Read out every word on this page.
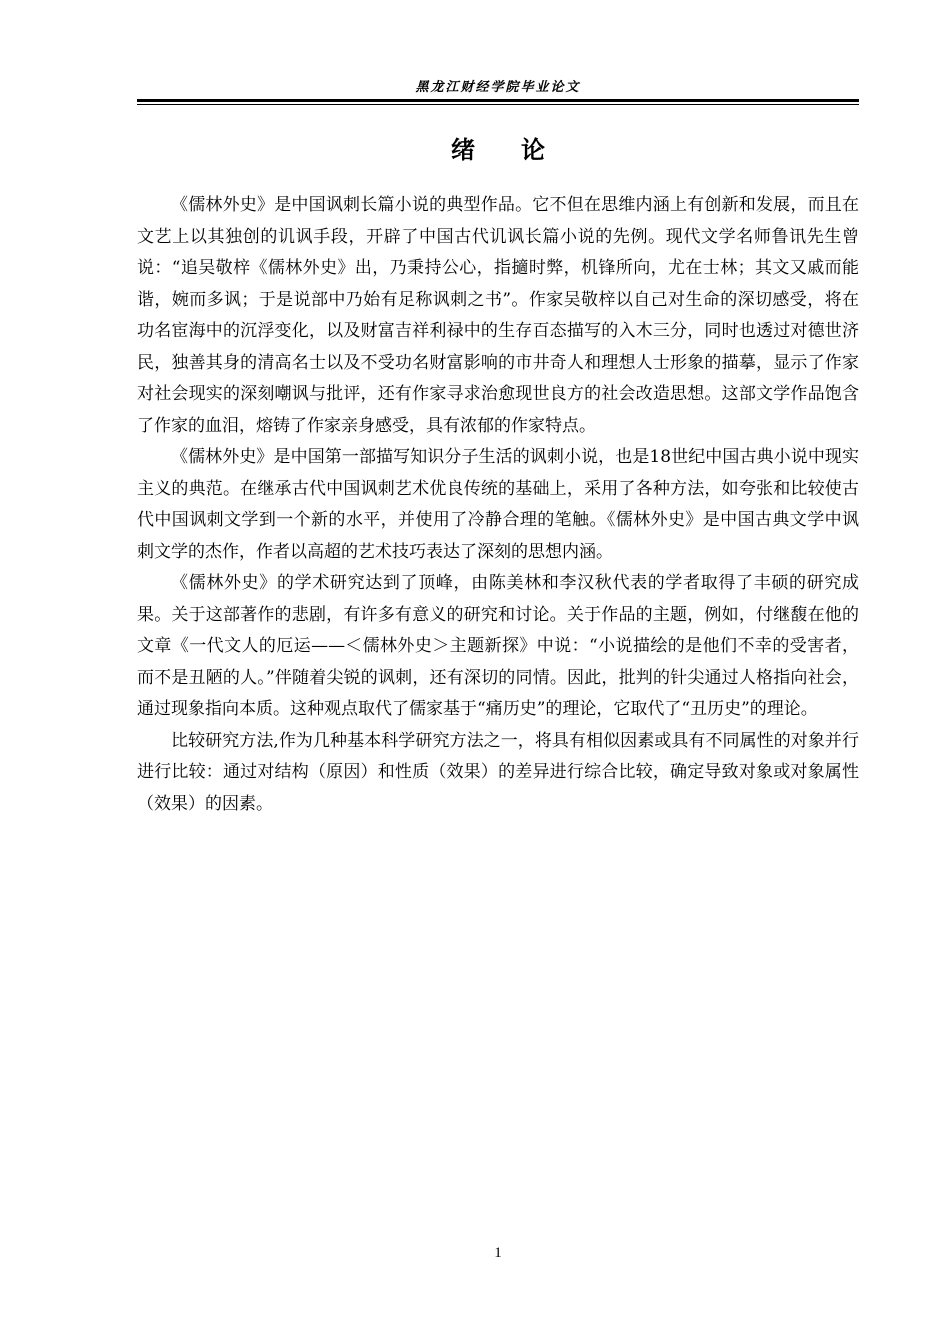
黑龙江财经学院毕业论文
绪 论

《儒林外史》是中国讽刺长篇小说的典型作品。它不但在思维内涵上有创新和发展，而且在文艺上以其独创的讥讽手段，开辟了中国古代讥讽长篇小说的先例。现代文学名师鲁讯先生曾说：“追吴敬梓《儒林外史》出，乃秉持公心，指擿时弊，机锋所向，尤在士林；其文又戚而能谐，婉而多讽；于是说部中乃始有足称讽刺之书”。作家吴敬梓以自己对生命的深切感受，将在功名宦海中的沉浮变化，以及财富吉祥利禄中的生存百态描写的入木三分，同时也透过对德世济民，独善其身的清高名士以及不受功名财富影响的市井奇人和理想人士形象的描摹，显示了作家对社会现实的深刻嘲讽与批评，还有作家寻求治愈现世良方的社会改造思想。这部文学作品饱含了作家的血泪，熔铸了作家亲身感受，具有浓郁的作家特点。

《儒林外史》是中国第一部描写知识分子生活的讽刺小说，也是18世纪中国古典小说中现实主义的典范。在继承古代中国讽刺艺术优良传统的基础上，采用了各种方法，如夸张和比较使古代中国讽刺文学到一个新的水平，并使用了冷静合理的笔触。《儒林外史》是中国古典文学中讽刺文学的杰作，作者以高超的艺术技巧表达了深刻的思想内涵。

《儒林外史》的学术研究达到了顶峰，由陈美林和李汉秋代表的学者取得了丰硕的研究成果。关于这部著作的悲剧，有许多有意义的研究和讨论。关于作品的主题，例如，付继馥在他的文章《一代文人的厄运——＜儒林外史＞主题新探》中说：“小说描绘的是他们不幸的受害者，而不是丑陋的人。”伴随着尖锐的讽刺，还有深切的同情。因此，批判的针尖通过人格指向社会，通过现象指向本质。这种观点取代了儒家基于“痛历史”的理论，它取代了“丑历史”的理论。

比较研究方法,作为几种基本科学研究方法之一，将具有相似因素或具有不同属性的对象并行进行比较：通过对结构（原因）和性质（效果）的差异进行综合比较，确定导致对象或对象属性（效果）的因素。

1
